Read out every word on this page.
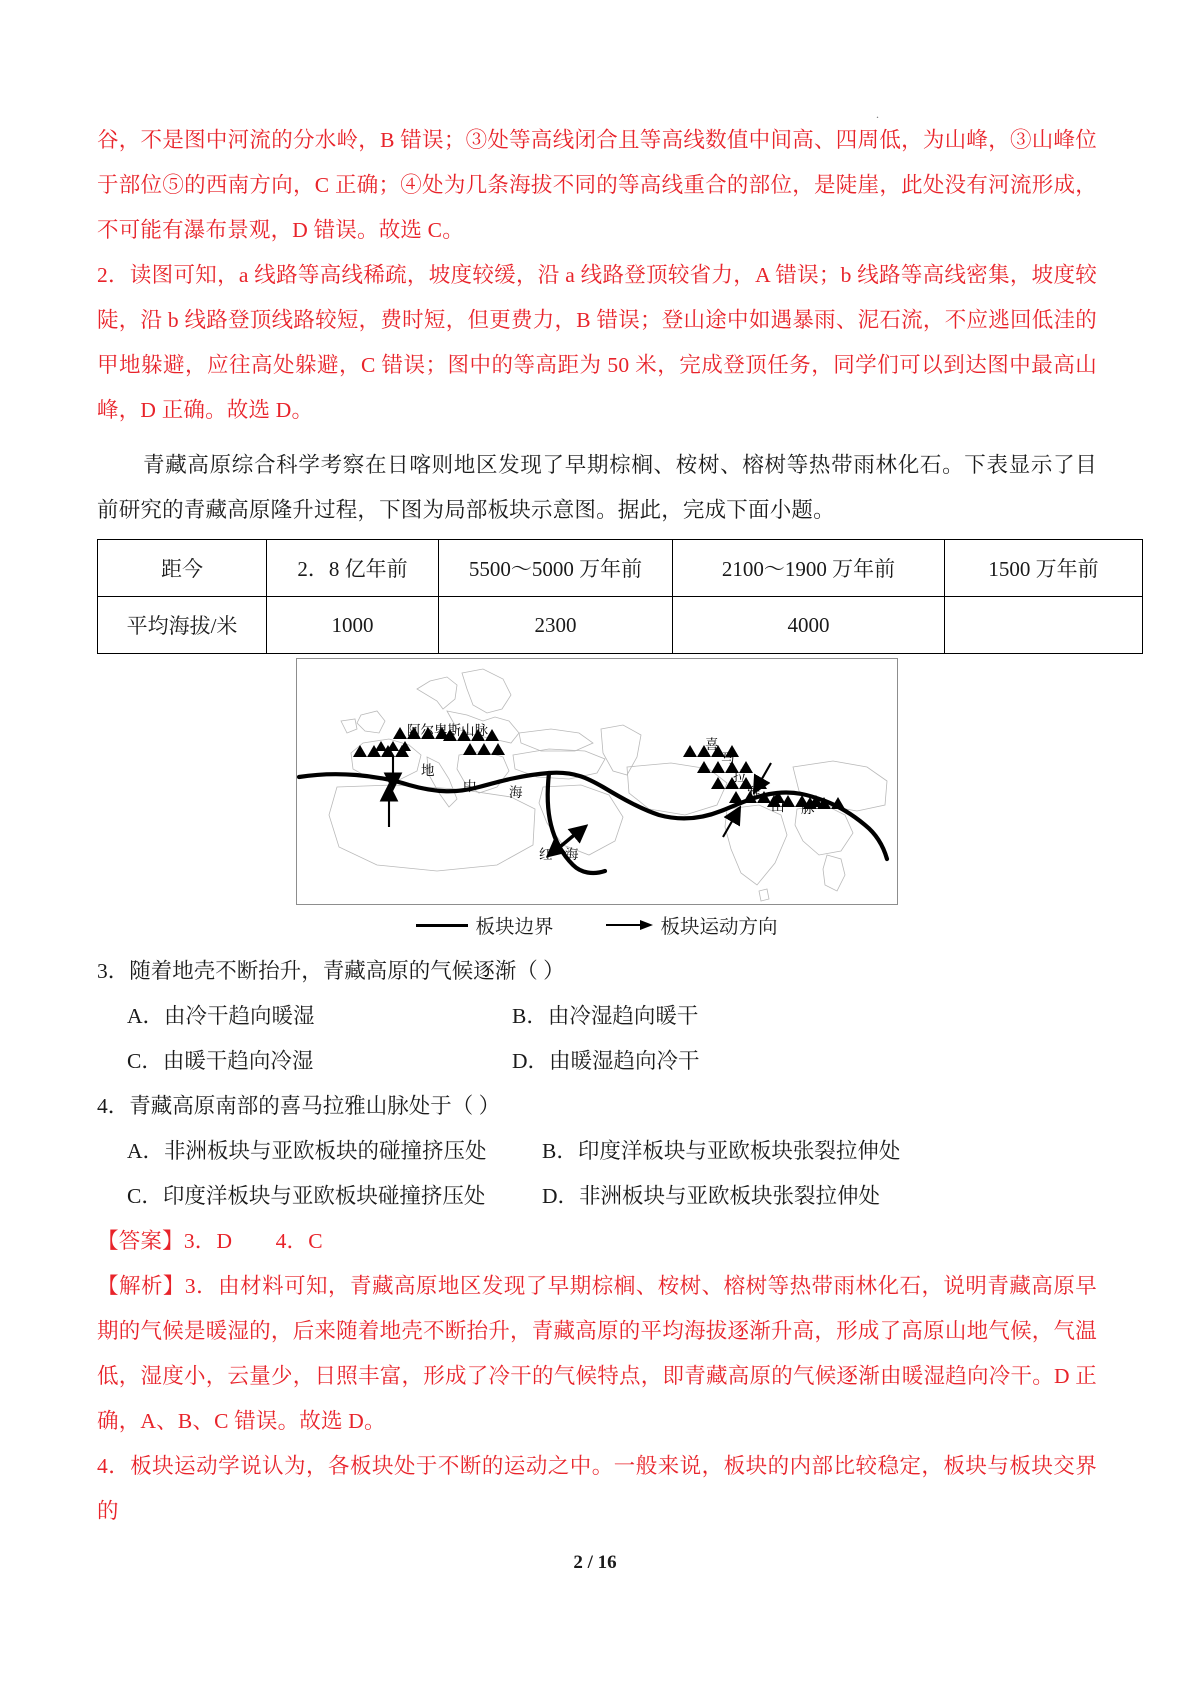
.

谷，不是图中河流的分水岭，B 错误；③处等高线闭合且等高线数值中间高、四周低，为山峰，③山峰位于部位⑤的西南方向，C 正确；④处为几条海拔不同的等高线重合的部位，是陡崖，此处没有河流形成，不可能有瀑布景观，D 错误。故选 C。

2．读图可知，a 线路等高线稀疏，坡度较缓，沿 a 线路登顶较省力，A 错误；b 线路等高线密集，坡度较陡，沿 b 线路登顶线路较短，费时短，但更费力，B 错误；登山途中如遇暴雨、泥石流，不应逃回低洼的甲地躲避，应往高处躲避，C 错误；图中的等高距为 50 米，完成登顶任务，同学们可以到达图中最高山峰，D 正确。故选 D。

青藏高原综合科学考察在日喀则地区发现了早期棕榈、桉树、榕树等热带雨林化石。下表显示了目前研究的青藏高原隆升过程，下图为局部板块示意图。据此，完成下面小题。

距今	2．8 亿年前	5500～5000 万年前	2100～1900 万年前	1500 万年前
平均海拔/米	1000	2300	4000	
阿尔卑斯山脉
地
中 海
红 海
喜
马
拉
雅
山 脉
板块边界	板块运动方向

3．随着地壳不断抬升，青藏高原的气候逐渐（ ）

A．由冷干趋向暖湿	B．由冷湿趋向暖干
C．由暖干趋向冷湿	D．由暖湿趋向冷干

4．青藏高原南部的喜马拉雅山脉处于（ ）

A．非洲板块与亚欧板块的碰撞挤压处	B．印度洋板块与亚欧板块张裂拉伸处
C．印度洋板块与亚欧板块碰撞挤压处	D．非洲板块与亚欧板块张裂拉伸处

【答案】3．D　　4．C

【解析】3．由材料可知，青藏高原地区发现了早期棕榈、桉树、榕树等热带雨林化石，说明青藏高原早期的气候是暖湿的，后来随着地壳不断抬升，青藏高原的平均海拔逐渐升高，形成了高原山地气候，气温低，湿度小，云量少，日照丰富，形成了冷干的气候特点，即青藏高原的气候逐渐由暖湿趋向冷干。D 正确，A、B、C 错误。故选 D。

4．板块运动学说认为，各板块处于不断的运动之中。一般来说，板块的内部比较稳定，板块与板块交界的

2 / 16
